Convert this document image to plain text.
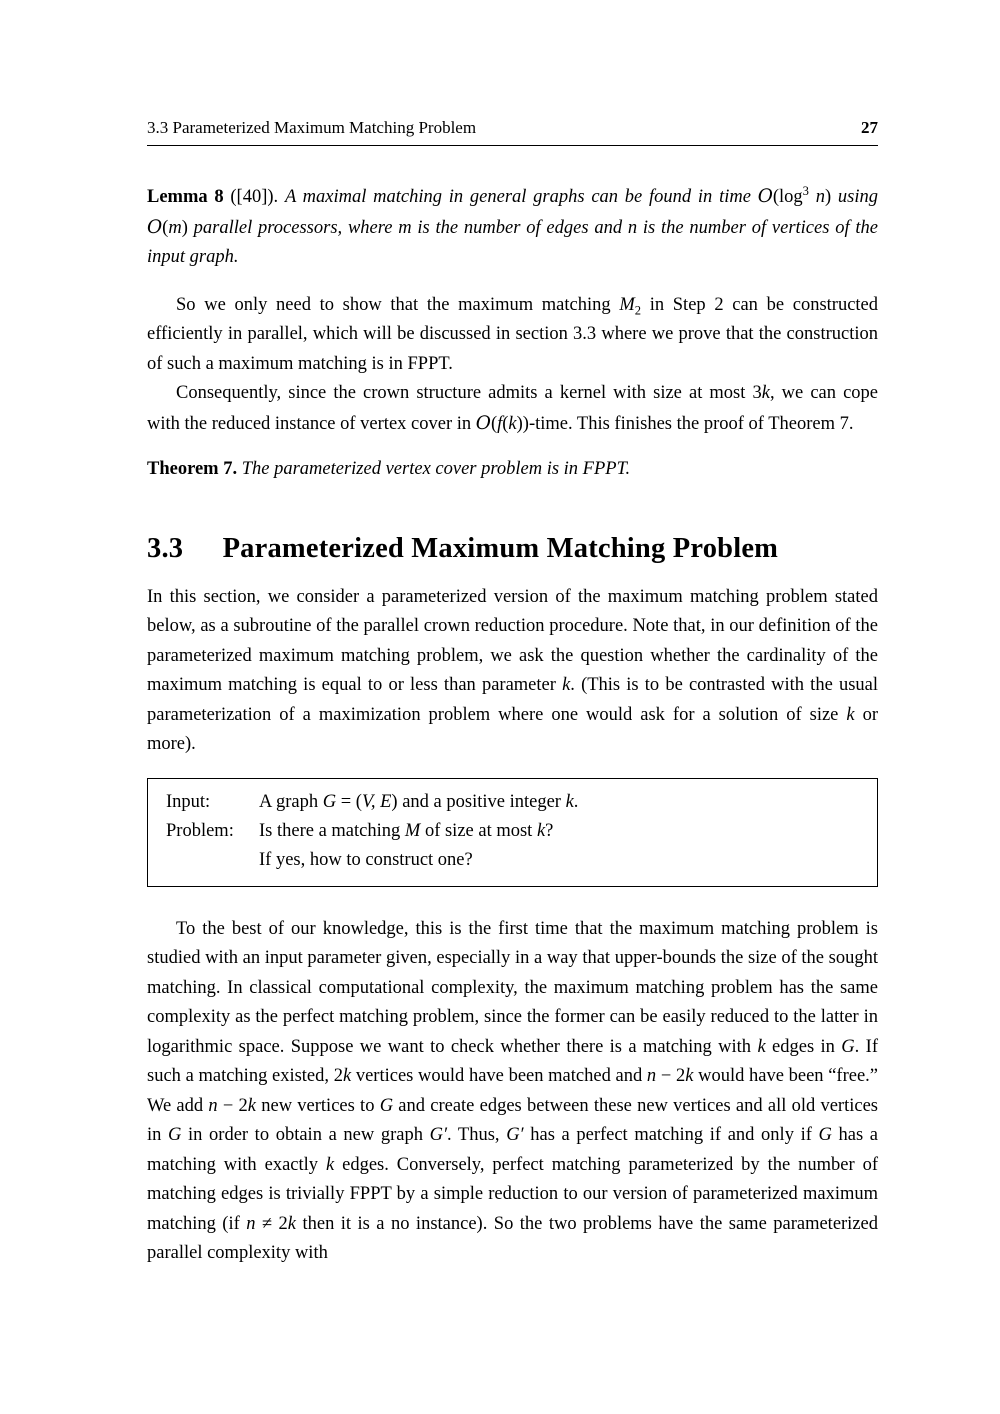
3.3 Parameterized Maximum Matching Problem	27

Lemma 8 ([40]). A maximal matching in general graphs can be found in time $O(\log^3$ n) using O(m) parallel processors, where m is the number of edges and n is the number of vertices of the input graph.

So we only need to show that the maximum matching $M_2$ in Step 2 can be constructed efficiently in parallel, which will be discussed in section 3.3 where we prove that the construction of such a maximum matching is in FPPT.

Consequently, since the crown structure admits a kernel with size at most 3k, we can cope with the reduced instance of vertex cover in O(f(k))-time. This finishes the proof of Theorem 7.

Theorem 7. The parameterized vertex cover problem is in FPPT.

3.3 Parameterized Maximum Matching Problem

In this section, we consider a parameterized version of the maximum matching problem stated below, as a subroutine of the parallel crown reduction procedure. Note that, in our definition of the parameterized maximum matching problem, we ask the question whether the cardinality of the maximum matching is equal to or less than parameter k. (This is to be contrasted with the usual parameterization of a maximization problem where one would ask for a solution of size k or more).

Input:	A graph G = (V, E) and a positive integer k.
Problem:	Is there a matching M of size at most k?
If yes, how to construct one?

To the best of our knowledge, this is the first time that the maximum matching problem is studied with an input parameter given, especially in a way that upper-bounds the size of the sought matching. In classical computational complexity, the maximum matching problem has the same complexity as the perfect matching problem, since the former can be easily reduced to the latter in logarithmic space. Suppose we want to check whether there is a matching with k edges in G. If such a matching existed, 2k vertices would have been matched and n − 2k would have been “free.” We add n − 2k new vertices to G and create edges between these new vertices and all old vertices in G in order to obtain a new graph G′. Thus, G′ has a perfect matching if and only if G has a matching with exactly k edges. Conversely, perfect matching parameterized by the number of matching edges is trivially FPPT by a simple reduction to our version of parameterized maximum matching (if n ≠ 2k then it is a no instance). So the two problems have the same parameterized parallel complexity with
